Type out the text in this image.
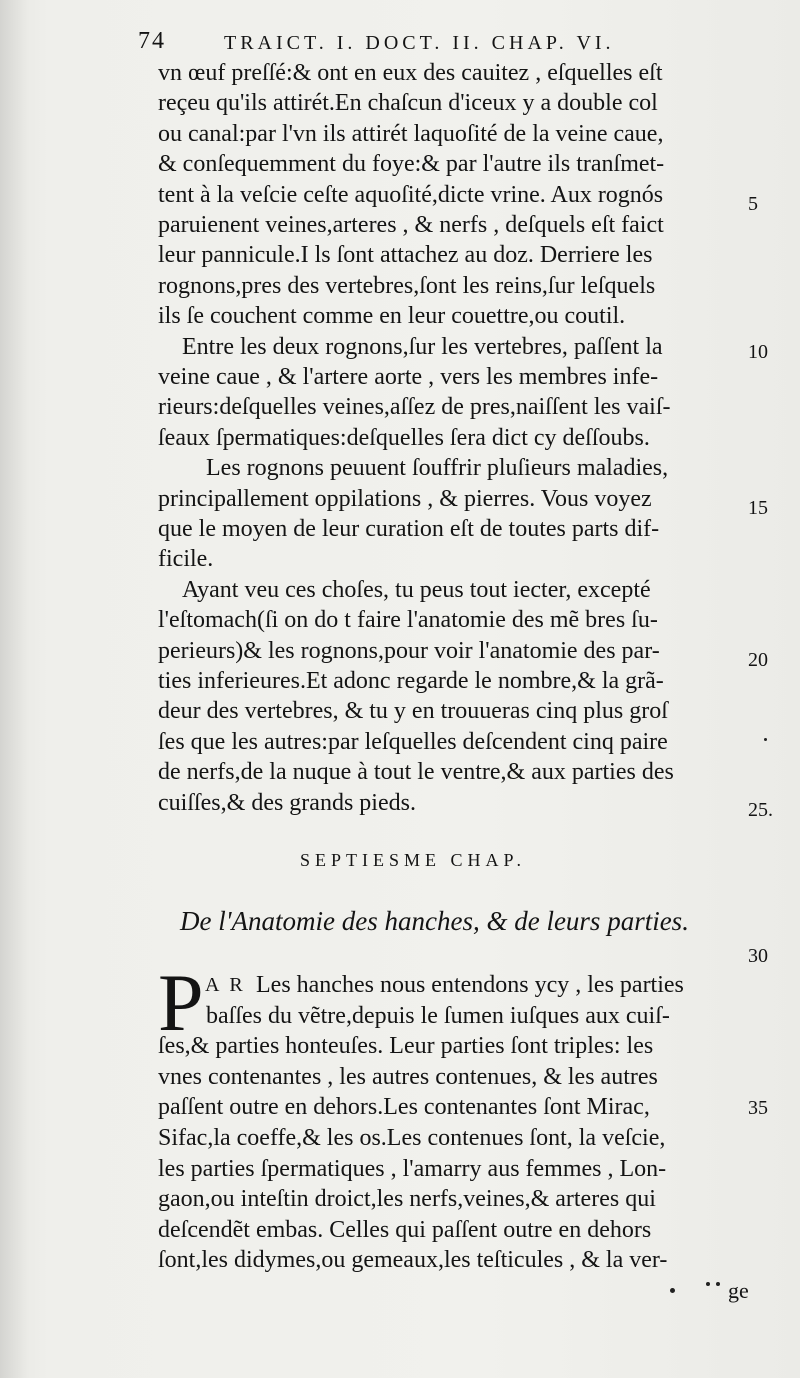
74	TRAICT. I. DOCT. II. CHAP. VI.
vn œuf preſſé:& ont en eux des cauitez , eſquelles eſt
reçeu qu'ils attirét.En chaſcun d'iceux y a double col
ou canal:par l'vn ils attirét laquoſité de la veine caue,
& conſequemment du foye:& par l'autre ils tranſmet-
tent à la veſcie ceſte aquoſité,dicte vrine. Aux rognós
paruienent veines,arteres , & nerfs , deſquels eſt faict
leur pannicule.I ls ſont attachez au doz. Derriere les
rognons,pres des vertebres,ſont les reins,ſur leſquels
ils ſe couchent comme en leur couettre,ou coutil.
Entre les deux rognons,ſur les vertebres, paſſent la
veine caue , & l'artere aorte , vers les membres infe-
rieurs:deſquelles veines,aſſez de pres,naiſſent les vaiſ-
ſeaux ſpermatiques:deſquelles ſera dict cy deſſoubs.
Les rognons peuuent ſouffrir pluſieurs maladies,
principallement oppilations , & pierres. Vous voyez
que le moyen de leur curation eſt de toutes parts dif-
ficile.
Ayant veu ces choſes, tu peus tout iecter, excepté
l'eſtomach(ſi on do t faire l'anatomie des mẽ bres ſu-
perieurs)& les rognons,pour voir l'anatomie des par-
ties inferieures.Et adonc regarde le nombre,& la grã-
deur des vertebres, & tu y en trouueras cinq plus groſ
ſes que les autres:par leſquelles deſcendent cinq paire
de nerfs,de la nuque à tout le ventre,& aux parties des
cuiſſes,& des grands pieds.
5
10
15
20
25.
30
35
SEPTIESME CHAP.
De l'Anatomie des hanches, & de leurs parties.
P A R Les hanches nous entendons ycy , les parties
baſſes du vẽtre,depuis le ſumen iuſques aux cuiſ-
ſes,& parties honteuſes. Leur parties ſont triples: les
vnes contenantes , les autres contenues, & les autres
paſſent outre en dehors.Les contenantes ſont Mirac,
Sifac,la coeffe,& les os.Les contenues ſont, la veſcie,
les parties ſpermatiques , l'amarry aus femmes , Lon-
gaon,ou inteſtin droict,les nerfs,veines,& arteres qui
deſcendẽt embas. Celles qui paſſent outre en dehors
ſont,les didymes,ou gemeaux,les teſticules , & la ver-
ge
